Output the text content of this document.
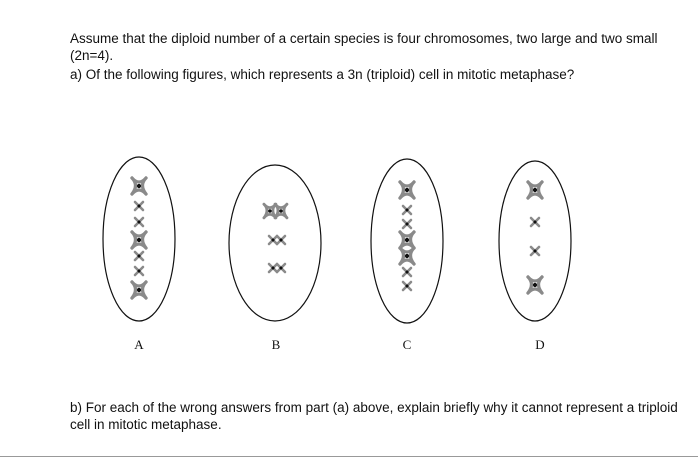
Assume that the diploid number of a certain species is four chromosomes, two large and two small (2n=4).

a) Of the following figures, which represents a 3n (triploid) cell in mitotic metaphase?

A	B	C	D

b) For each of the wrong answers from part (a) above, explain briefly why it cannot represent a triploid cell in mitotic metaphase.
